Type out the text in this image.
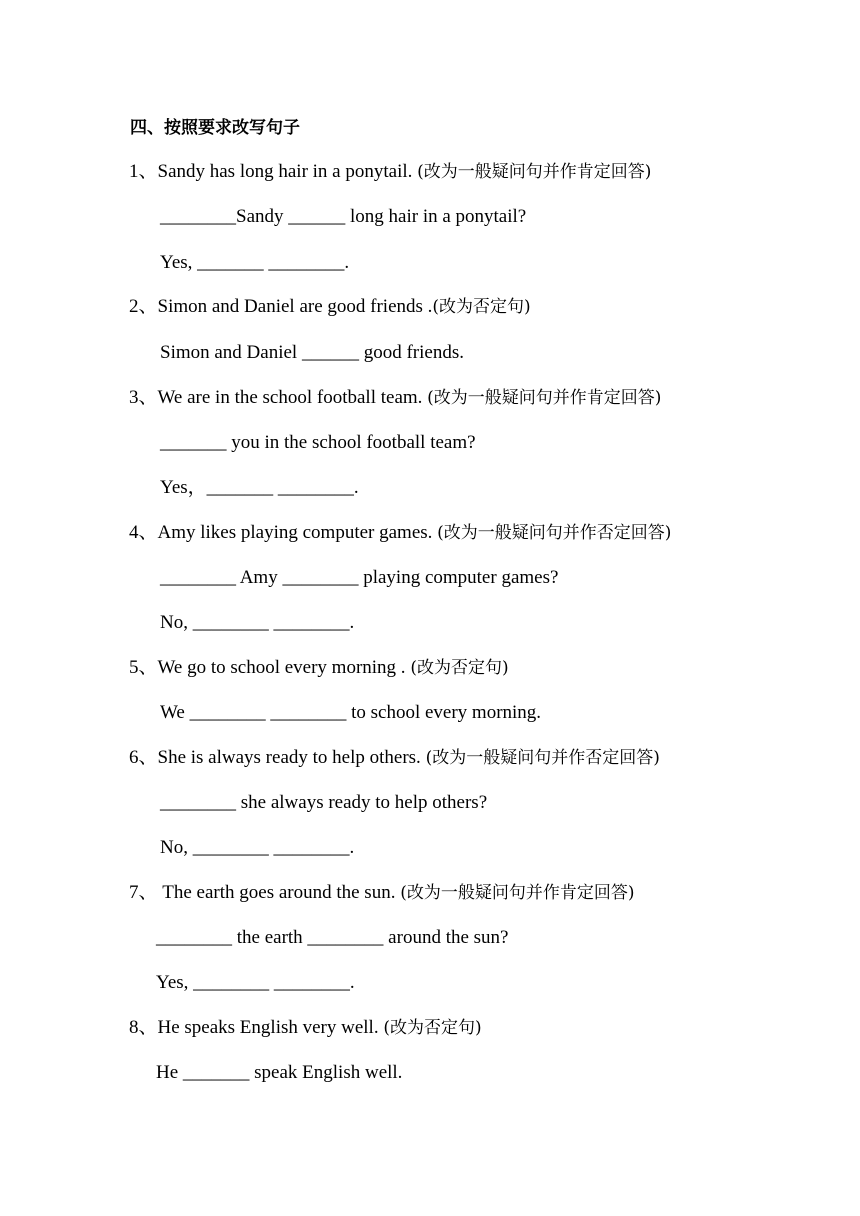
四、按照要求改写句子
1、Sandy has long hair in a ponytail. (改为一般疑问句并作肯定回答)
________Sandy ______ long hair in a ponytail?
Yes, _______ ________.
2、Simon and Daniel are good friends .(改为否定句)
Simon and Daniel ______ good friends.
3、We are in the school football team. (改为一般疑问句并作肯定回答)
_______ you in the school football team?
Yes，_______ ________.
4、Amy likes playing computer games. (改为一般疑问句并作否定回答)
________ Amy ________ playing computer games?
No, ________ ________.
5、We go to school every morning . (改为否定句)
We ________ ________ to school every morning.
6、She is always ready to help others. (改为一般疑问句并作否定回答)
________ she always ready to help others?
No, ________ ________.
7、 The earth goes around the sun. (改为一般疑问句并作肯定回答)
________ the earth ________ around the sun?
Yes, ________ ________.
8、He speaks English very well. (改为否定句)
He _______ speak English well.
